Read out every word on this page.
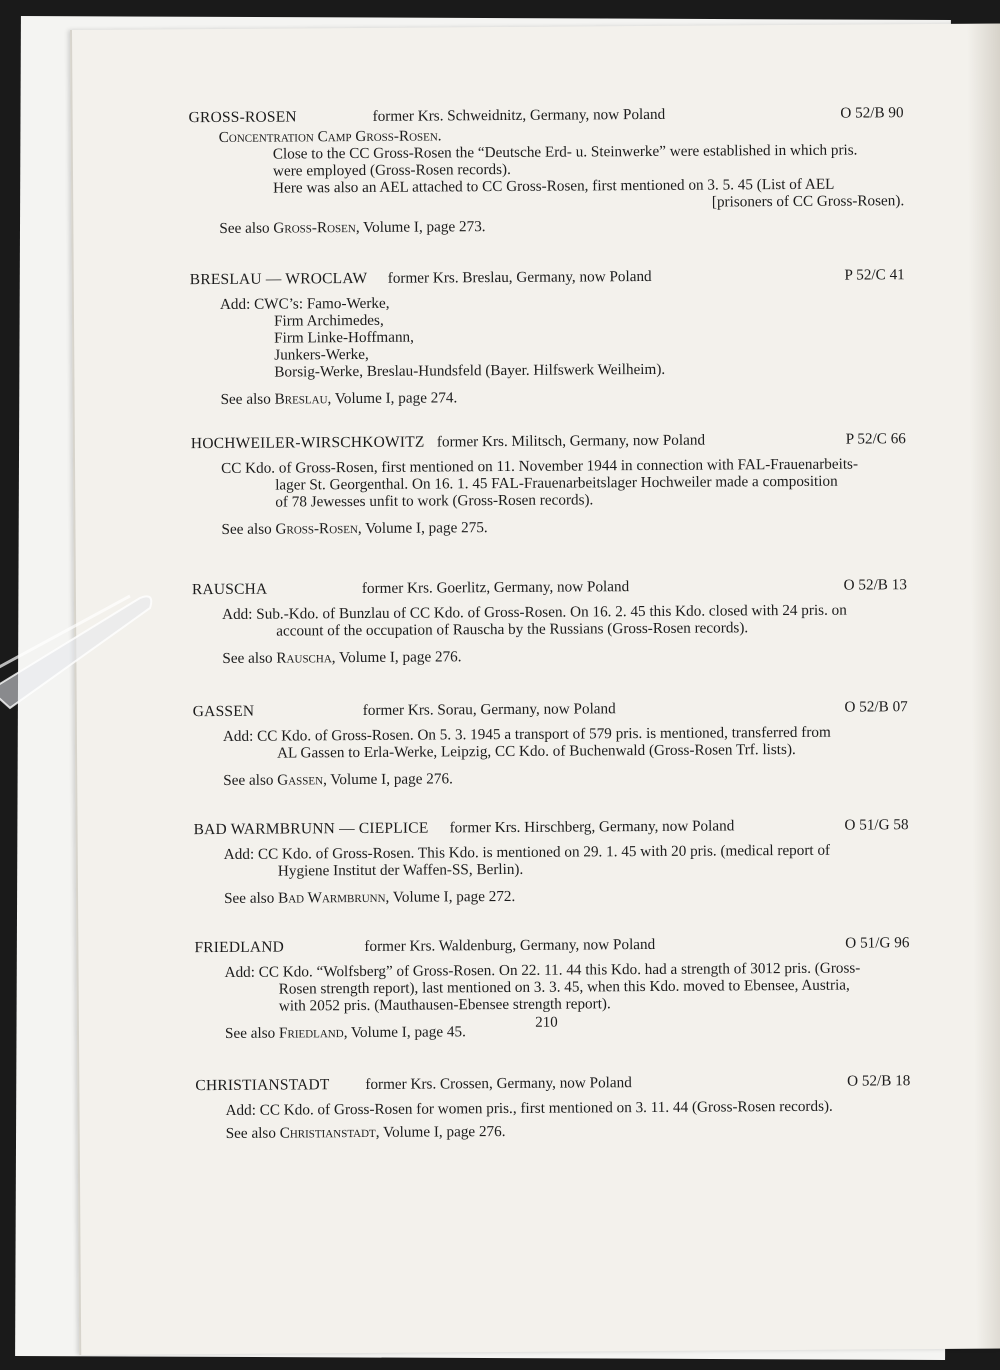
GROSS-ROSEN	former Krs. Schweidnitz, Germany, now Poland	O 52/B 90
Concentration Camp Gross-Rosen.
Close to the CC Gross-Rosen the “Deutsche Erd- u. Steinwerke” were established in which pris.
were employed (Gross-Rosen records).
Here was also an AEL attached to CC Gross-Rosen, first mentioned on 3. 5. 45 (List of AEL
[prisoners of CC Gross-Rosen).
See also Gross-Rosen, Volume I, page 273.
BRESLAU — WROCLAW former Krs. Breslau, Germany, now Poland	P 52/C 41
Add: CWC’s: Famo-Werke,
Firm Archimedes,
Firm Linke-Hoffmann,
Junkers-Werke,
Borsig-Werke, Breslau-Hundsfeld (Bayer. Hilfswerk Weilheim).
See also Breslau, Volume I, page 274.
HOCHWEILER-WIRSCHKOWITZ former Krs. Militsch, Germany, now Poland	P 52/C 66
CC Kdo. of Gross-Rosen, first mentioned on 11. November 1944 in connection with FAL-Frauenarbeits-
lager St. Georgenthal. On 16. 1. 45 FAL-Frauenarbeitslager Hochweiler made a composition
of 78 Jewesses unfit to work (Gross-Rosen records).
See also Gross-Rosen, Volume I, page 275.
RAUSCHA	former Krs. Goerlitz, Germany, now Poland	O 52/B 13
Add: Sub.-Kdo. of Bunzlau of CC Kdo. of Gross-Rosen. On 16. 2. 45 this Kdo. closed with 24 pris. on
account of the occupation of Rauscha by the Russians (Gross-Rosen records).
See also Rauscha, Volume I, page 276.
GASSEN	former Krs. Sorau, Germany, now Poland	O 52/B 07
Add: CC Kdo. of Gross-Rosen. On 5. 3. 1945 a transport of 579 pris. is mentioned, transferred from
AL Gassen to Erla-Werke, Leipzig, CC Kdo. of Buchenwald (Gross-Rosen Trf. lists).
See also Gassen, Volume I, page 276.
BAD WARMBRUNN — CIEPLICE former Krs. Hirschberg, Germany, now Poland	O 51/G 58
Add: CC Kdo. of Gross-Rosen. This Kdo. is mentioned on 29. 1. 45 with 20 pris. (medical report of
Hygiene Institut der Waffen-SS, Berlin).
See also Bad Warmbrunn, Volume I, page 272.
FRIEDLAND	former Krs. Waldenburg, Germany, now Poland	O 51/G 96
Add: CC Kdo. “Wolfsberg” of Gross-Rosen. On 22. 11. 44 this Kdo. had a strength of 3012 pris. (Gross-
Rosen strength report), last mentioned on 3. 3. 45, when this Kdo. moved to Ebensee, Austria,
with 2052 pris. (Mauthausen-Ebensee strength report).
See also Friedland, Volume I, page 45.
CHRISTIANSTADT former Krs. Crossen, Germany, now Poland	O 52/B 18
Add: CC Kdo. of Gross-Rosen for women pris., first mentioned on 3. 11. 44 (Gross-Rosen records).
See also Christianstadt, Volume I, page 276.
210
